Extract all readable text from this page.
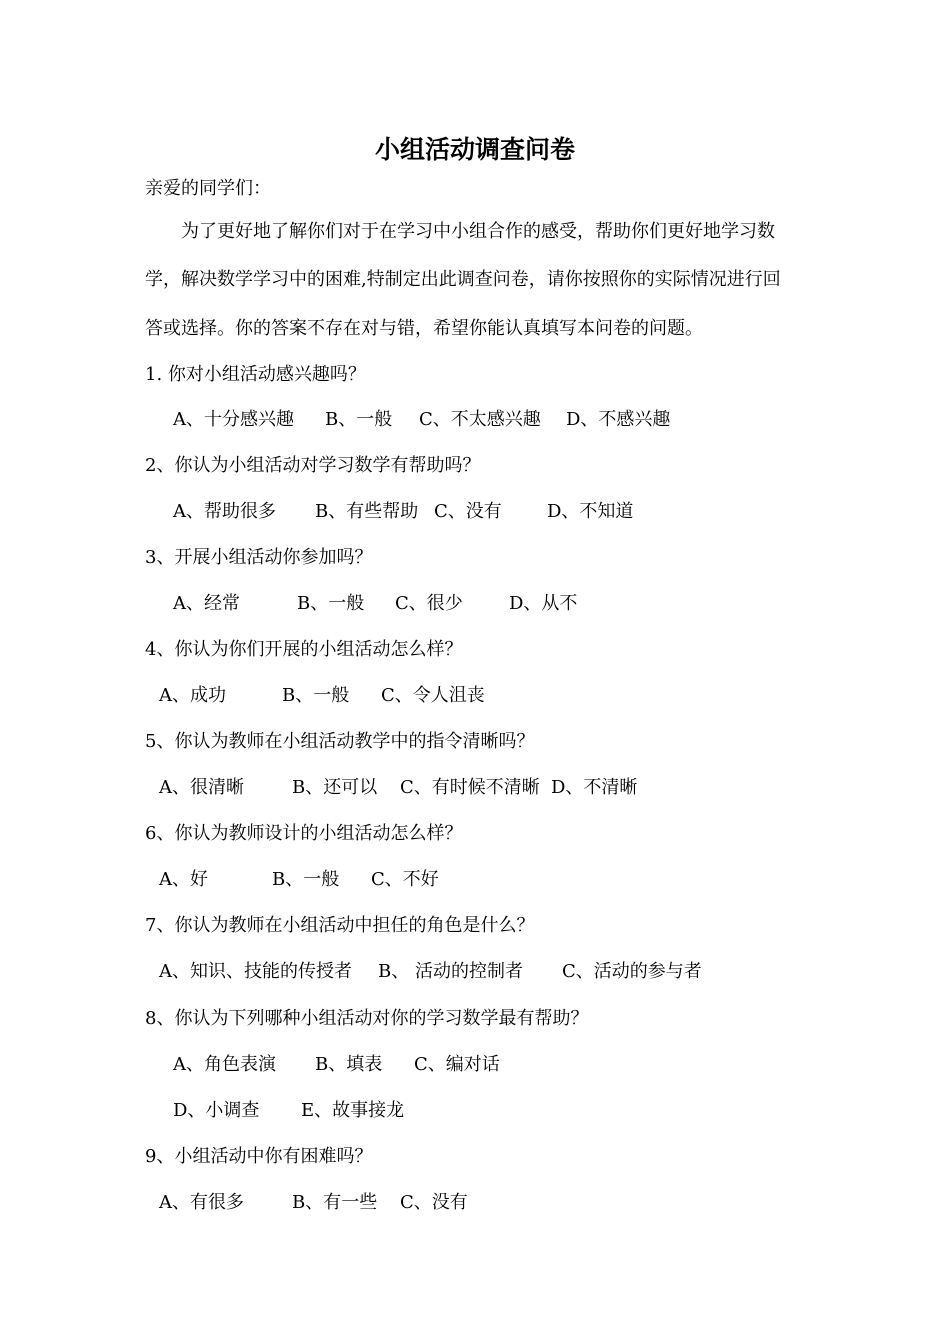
小组活动调查问卷
亲爱的同学们：
为了更好地了解你们对于在学习中小组合作的感受，帮助你们更好地学习数
学，解决数学学习中的困难,特制定出此调查问卷，请你按照你的实际情况进行回
答或选择。你的答案不存在对与错，希望你能认真填写本问卷的问题。
1. 你对小组活动感兴趣吗？
A、十分感兴趣 B、一般 C、不太感兴趣 D、不感兴趣
2、你认为小组活动对学习数学有帮助吗？
A、帮助很多 B、有些帮助 C、没有	D、不知道
3、开展小组活动你参加吗？
A、经常	B、一般 C、很少	D、从不
4、你认为你们开展的小组活动怎么样？
A、成功	B、一般 C、令人沮丧
5、你认为教师在小组活动教学中的指令清晰吗？
A、很清晰	B、还可以 C、有时候不清晰 D、不清晰
6、你认为教师设计的小组活动怎么样？
A、好	B、一般 C、不好
7、你认为教师在小组活动中担任的角色是什么？
A、知识、技能的传授者 B、 活动的控制者 C、活动的参与者
8、你认为下列哪种小组活动对你的学习数学最有帮助？
A、角色表演 B、填表 C、编对话
D、小调查 E、故事接龙
9、小组活动中你有困难吗？
A、有很多	B、有一些 C、没有
